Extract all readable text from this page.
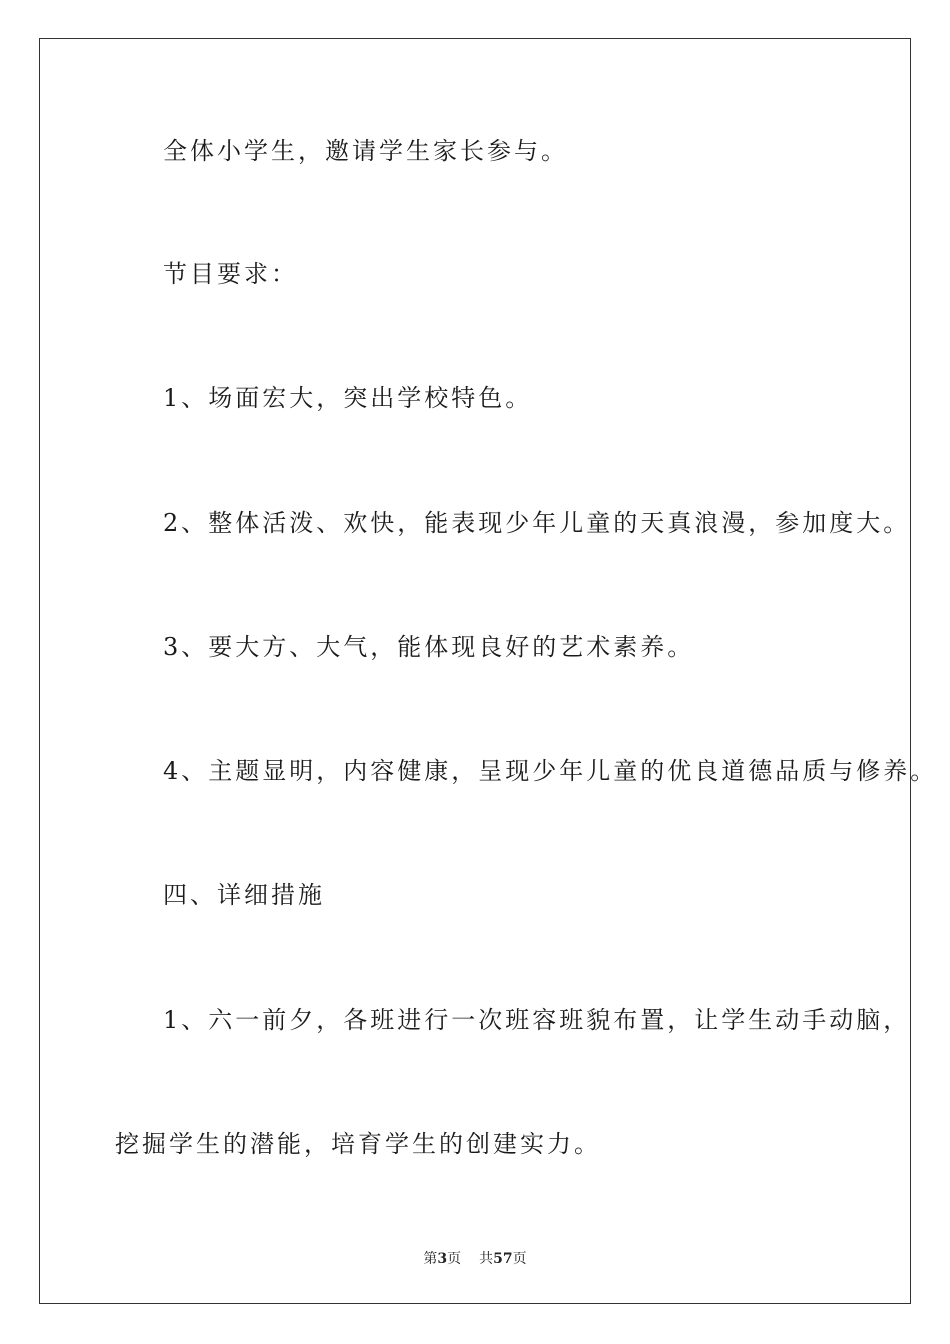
全体小学生，邀请学生家长参与。
节目要求：
1、场面宏大，突出学校特色。
2、整体活泼、欢快，能表现少年儿童的天真浪漫，参加度大。
3、要大方、大气，能体现良好的艺术素养。
4、主题显明，内容健康，呈现少年儿童的优良道德品质与修养。
四、详细措施
1、六一前夕，各班进行一次班容班貌布置，让学生动手动脑，
挖掘学生的潜能，培育学生的创建实力。
第3页 共57页
